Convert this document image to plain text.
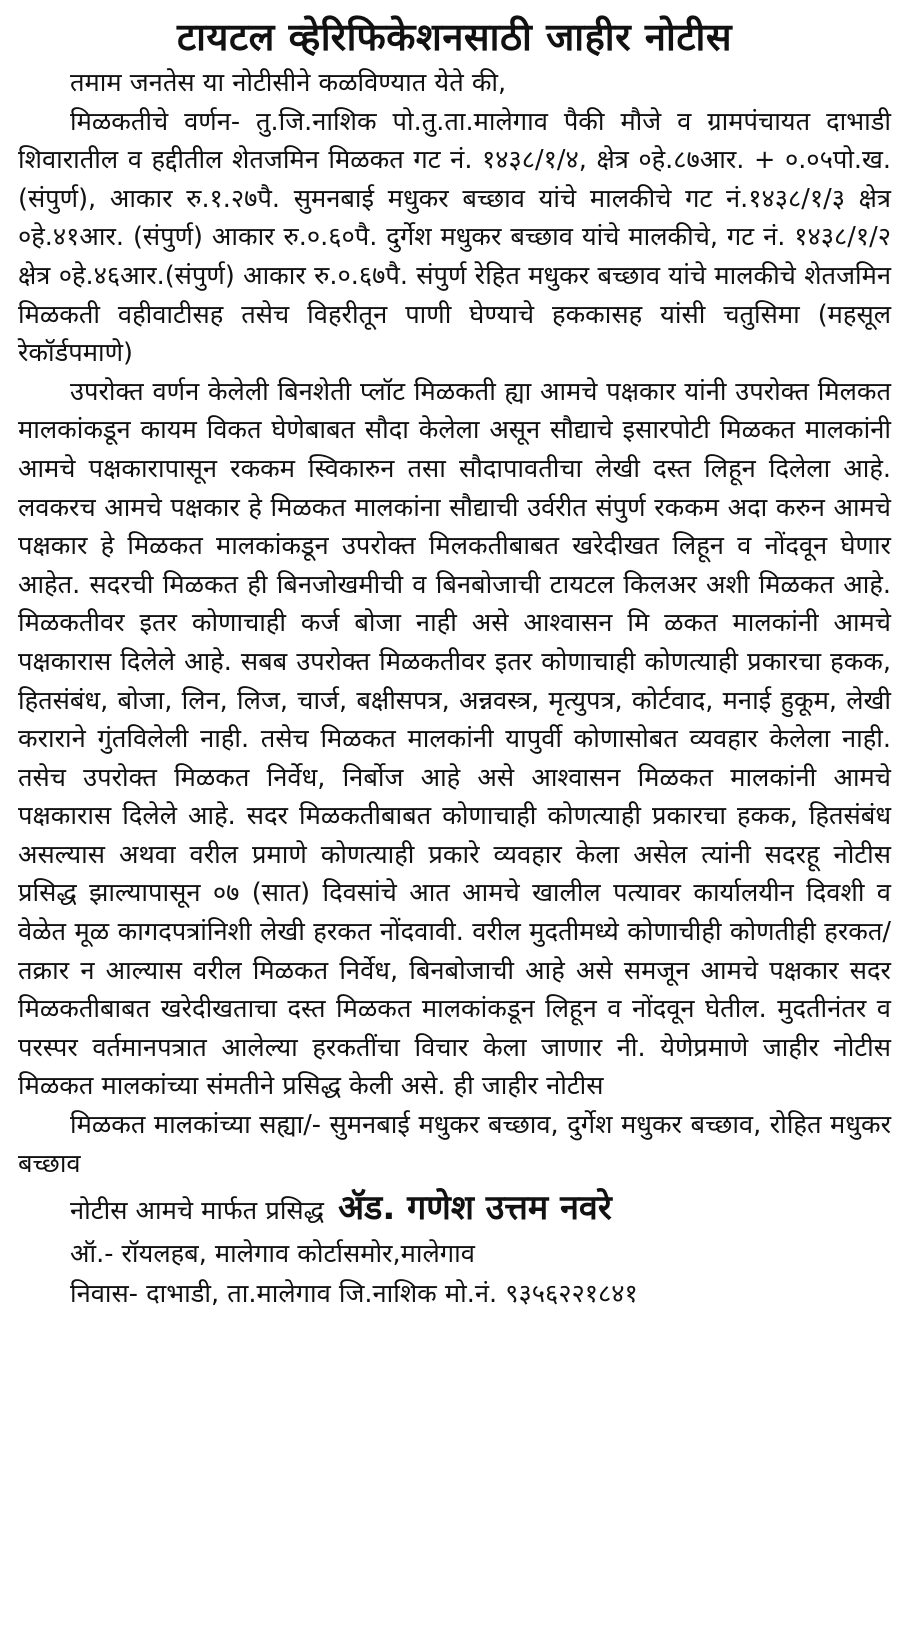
टायटल व्हेरिफिकेशनसाठी जाहीर नोटीस

तमाम जनतेस या नोटीसीने कळविण्यात येते की,

मिळकतीचे वर्णन- तु.जि.नाशिक पो.तु.ता.मालेगाव पैकी मौजे व ग्रामपंचायत दाभाडी शिवारातील व हद्दीतील शेतजमिन मिळकत गट नं. १४३८/१/४, क्षेत्र ०हे.८७आर. + ०.०५पो.ख. (संपुर्ण), आकार रु.१.२७पै. सुमनबाई मधुकर बच्छाव यांचे मालकीचे गट नं.१४३८/१/३ क्षेत्र ०हे.४१आर. (संपुर्ण) आकार रु.०.६०पै. दुर्गेश मधुकर बच्छाव यांचे मालकीचे, गट नं. १४३८/१/२ क्षेत्र ०हे.४६आर.(संपुर्ण) आकार रु.०.६७पै. संपुर्ण रेहित मधुकर बच्छाव यांचे मालकीचे शेतजमिन मिळकती वहीवाटीसह तसेच विहरीतून पाणी घेण्याचे हककासह यांसी चतुसिमा (महसूल रेकॉर्डपमाणे)

उपरोक्त वर्णन केलेली बिनशेती प्लॉट मिळकती ह्या आमचे पक्षकार यांनी उपरोक्त मिलकत मालकांकडून कायम विकत घेणेबाबत सौदा केलेला असून सौद्याचे इसारपोटी मिळकत मालकांनी आमचे पक्षकारापासून रककम स्विकारुन तसा सौदापावतीचा लेखी दस्त लिहून दिलेला आहे. लवकरच आमचे पक्षकार हे मिळकत मालकांना सौद्याची उर्वरीत संपुर्ण रककम अदा करुन आमचे पक्षकार हे मिळकत मालकांकडून उपरोक्त मिलकतीबाबत खरेदीखत लिहून व नोंदवून घेणार आहेत. सदरची मिळकत ही बिनजोखमीची व बिनबोजाची टायटल किलअर अशी मिळकत आहे. मिळकतीवर इतर कोणाचाही कर्ज बोजा नाही असे आश्वासन मि ळकत मालकांनी आमचे पक्षकारास दिलेले आहे. सबब उपरोक्त मिळकतीवर इतर कोणाचाही कोणत्याही प्रकारचा हकक, हितसंबंध, बोजा, लिन, लिज, चार्ज, बक्षीसपत्र, अन्नवस्त्र, मृत्युपत्र, कोर्टवाद, मनाई हुकूम, लेखी कराराने गुंतविलेली नाही. तसेच मिळकत मालकांनी यापुर्वी कोणासोबत व्यवहार केलेला नाही. तसेच उपरोक्त मिळकत निर्वेध, निर्बोज आहे असे आश्वासन मिळकत मालकांनी आमचे पक्षकारास दिलेले आहे. सदर मिळकतीबाबत कोणाचाही कोणत्याही प्रकारचा हकक, हितसंबंध असल्यास अथवा वरील प्रमाणे कोणत्याही प्रकारे व्यवहार केला असेल त्यांनी सदरहू नोटीस प्रसिद्ध झाल्यापासून ०७ (सात) दिवसांचे आत आमचे खालील पत्यावर कार्यालयीन दिवशी व वेळेत मूळ कागदपत्रांनिशी लेखी हरकत नोंदवावी. वरील मुदतीमध्ये कोणाचीही कोणतीही हरकत/तक्रार न आल्यास वरील मिळकत निर्वेध, बिनबोजाची आहे असे समजून आमचे पक्षकार सदर मिळकतीबाबत खरेदीखताचा दस्त मिळकत मालकांकडून लिहून व नोंदवून घेतील. मुदतीनंतर व परस्पर वर्तमानपत्रात आलेल्या हरकतींचा विचार केला जाणार नी. येणेप्रमाणे जाहीर नोटीस मिळकत मालकांच्या संमतीने प्रसिद्ध केली असे. ही जाहीर नोटीस

मिळकत मालकांच्या सह्या/- सुमनबाई मधुकर बच्छाव, दुर्गेश मधुकर बच्छाव, रोहित मधुकर बच्छाव

नोटीस आमचे मार्फत प्रसिद्ध ॲड. गणेश उत्तम नवरे

ऑ.- रॉयलहब, मालेगाव कोर्टासमोर,मालेगाव

निवास- दाभाडी, ता.मालेगाव जि.नाशिक मो.नं. ९३५६२२१८४१
